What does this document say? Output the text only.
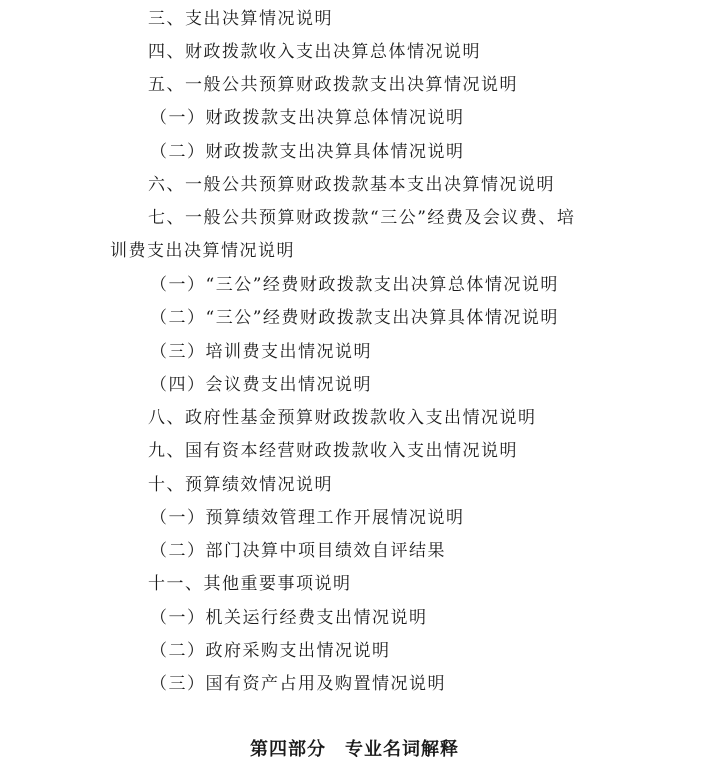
三、支出决算情况说明
四、财政拨款收入支出决算总体情况说明
五、一般公共预算财政拨款支出决算情况说明
（一）财政拨款支出决算总体情况说明
（二）财政拨款支出决算具体情况说明
六、一般公共预算财政拨款基本支出决算情况说明
七、一般公共预算财政拨款“三公”经费及会议费、培
训费支出决算情况说明
（一）“三公”经费财政拨款支出决算总体情况说明
（二）“三公”经费财政拨款支出决算具体情况说明
（三）培训费支出情况说明
（四）会议费支出情况说明
八、政府性基金预算财政拨款收入支出情况说明
九、国有资本经营财政拨款收入支出情况说明
十、预算绩效情况说明
（一）预算绩效管理工作开展情况说明
（二）部门决算中项目绩效自评结果
十一、其他重要事项说明
（一）机关运行经费支出情况说明
（二）政府采购支出情况说明
（三）国有资产占用及购置情况说明
第四部分　专业名词解释
